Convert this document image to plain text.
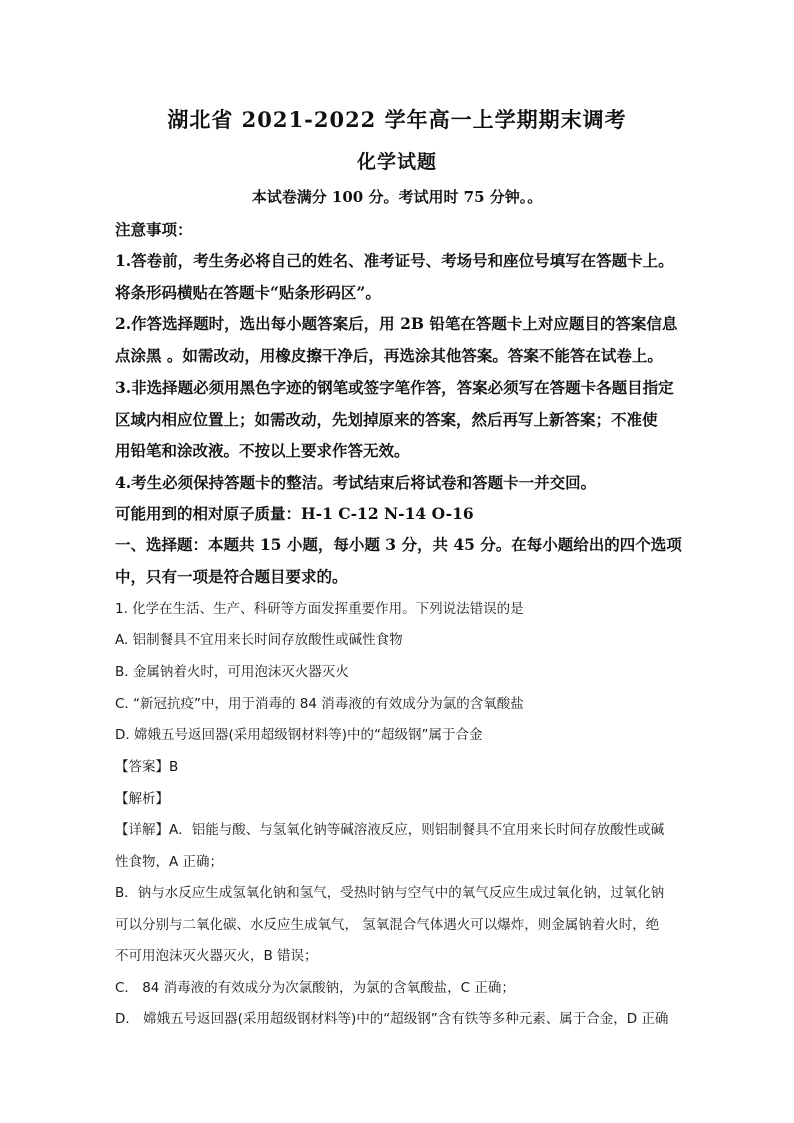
湖北省 2021-2022 学年高一上学期期末调考
化学试题
本试卷满分 100 分。考试用时 75 分钟。。
注意事项：
1.答卷前，考生务必将自己的姓名、准考证号、考场号和座位号填写在答题卡上。
将条形码横贴在答题卡“贴条形码区”。
2.作答选择题时，选出每小题答案后，用 2B 铅笔在答题卡上对应题目的答案信息
点涂黑 。如需改动，用橡皮擦干净后，再选涂其他答案。答案不能答在试卷上。
3.非选择题必须用黑色字迹的钢笔或签字笔作答，答案必须写在答题卡各题目指定
区域内相应位置上；如需改动，先划掉原来的答案，然后再写上新答案；不准使
用铅笔和涂改液。不按以上要求作答无效。
4.考生必须保持答题卡的整洁。考试结束后将试卷和答题卡一并交回。
可能用到的相对原子质量：H-1 C-12 N-14 O-16
一、选择题：本题共 15 小题，每小题 3 分，共 45 分。在每小题给出的四个选项
中，只有一项是符合题目要求的。
1. 化学在生活、生产、科研等方面发挥重要作用。下列说法错误的是
A. 铝制餐具不宜用来长时间存放酸性或碱性食物
B. 金属钠着火时，可用泡沫灭火器灭火
C. “新冠抗疫”中，用于消毒的 84 消毒液的有效成分为氯的含氧酸盐
D. 嫦娥五号返回器(采用超级钢材料等)中的“超级钢”属于合金
【答案】B
【解析】
【详解】A．铝能与酸、与氢氧化钠等碱溶液反应，则铝制餐具不宜用来长时间存放酸性或碱
性食物，A 正确；
B．钠与水反应生成氢氧化钠和氢气，受热时钠与空气中的氧气反应生成过氧化钠，过氧化钠
可以分别与二氧化碳、水反应生成氧气， 氢氧混合气体遇火可以爆炸，则金属钠着火时，绝
不可用泡沫灭火器灭火，B 错误；
C． 84 消毒液的有效成分为次氯酸钠，为氯的含氧酸盐，C 正确；
D． 嫦娥五号返回器(采用超级钢材料等)中的“超级钢”含有铁等多种元素、属于合金，D 正确
